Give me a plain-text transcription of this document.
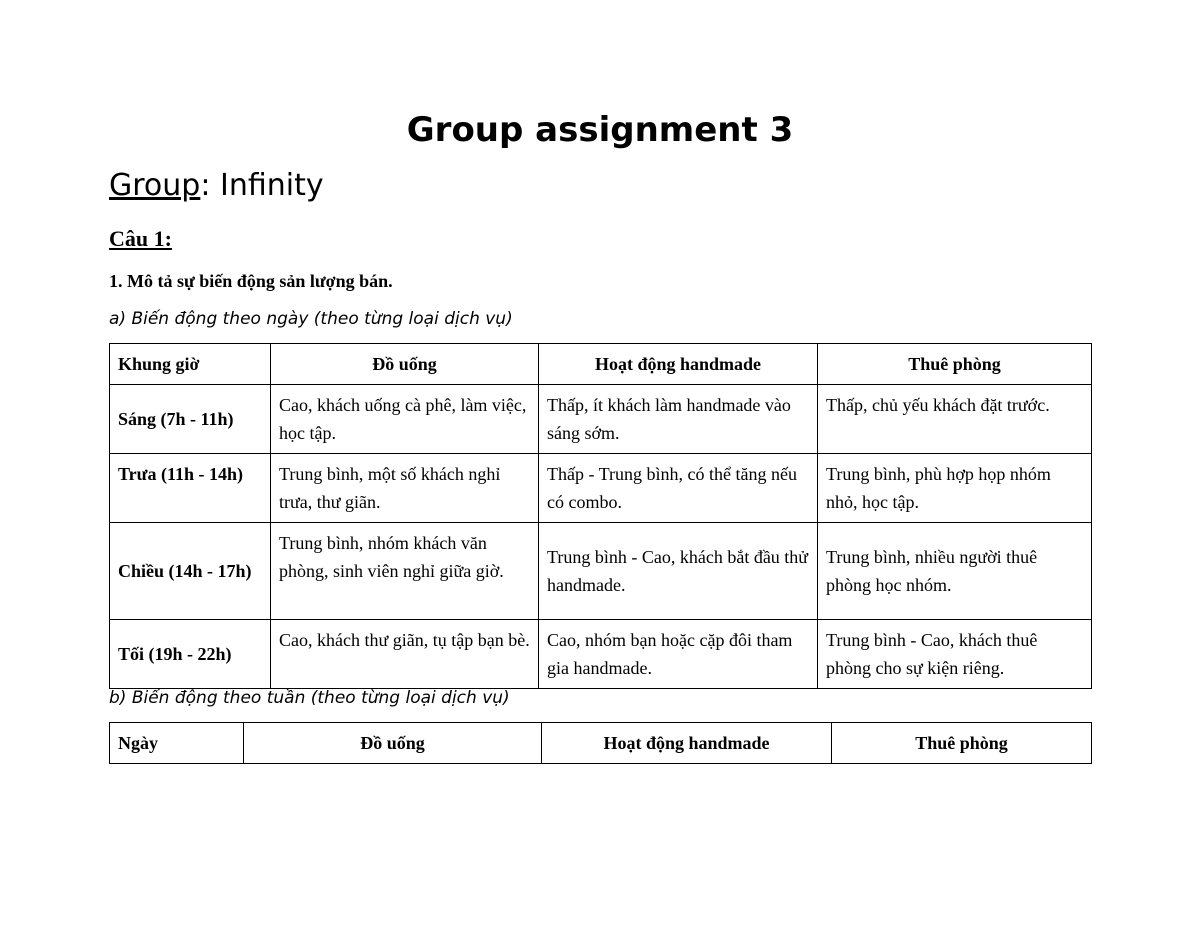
Group assignment 3

Group: Infinity

Câu 1:

1. Mô tả sự biến động sản lượng bán.

a) Biến động theo ngày (theo từng loại dịch vụ)

Khung giờ	Đồ uống	Hoạt động handmade	Thuê phòng
Sáng (7h - 11h)	Cao, khách uống cà phê, làm việc, học tập.	Thấp, ít khách làm handmade vào sáng sớm.	Thấp, chủ yếu khách đặt trước.
Trưa (11h - 14h)	Trung bình, một số khách nghỉ trưa, thư giãn.	Thấp - Trung bình, có thể tăng nếu có combo.	Trung bình, phù hợp họp nhóm nhỏ, học tập.
Chiều (14h - 17h)	Trung bình, nhóm khách văn phòng, sinh viên nghỉ giữa giờ.	Trung bình - Cao, khách bắt đầu thử handmade.	Trung bình, nhiều người thuê phòng học nhóm.
Tối (19h - 22h)	Cao, khách thư giãn, tụ tập bạn bè.	Cao, nhóm bạn hoặc cặp đôi tham gia handmade.	Trung bình - Cao, khách thuê phòng cho sự kiện riêng.

b) Biến động theo tuần (theo từng loại dịch vụ)

Ngày	Đồ uống	Hoạt động handmade	Thuê phòng
